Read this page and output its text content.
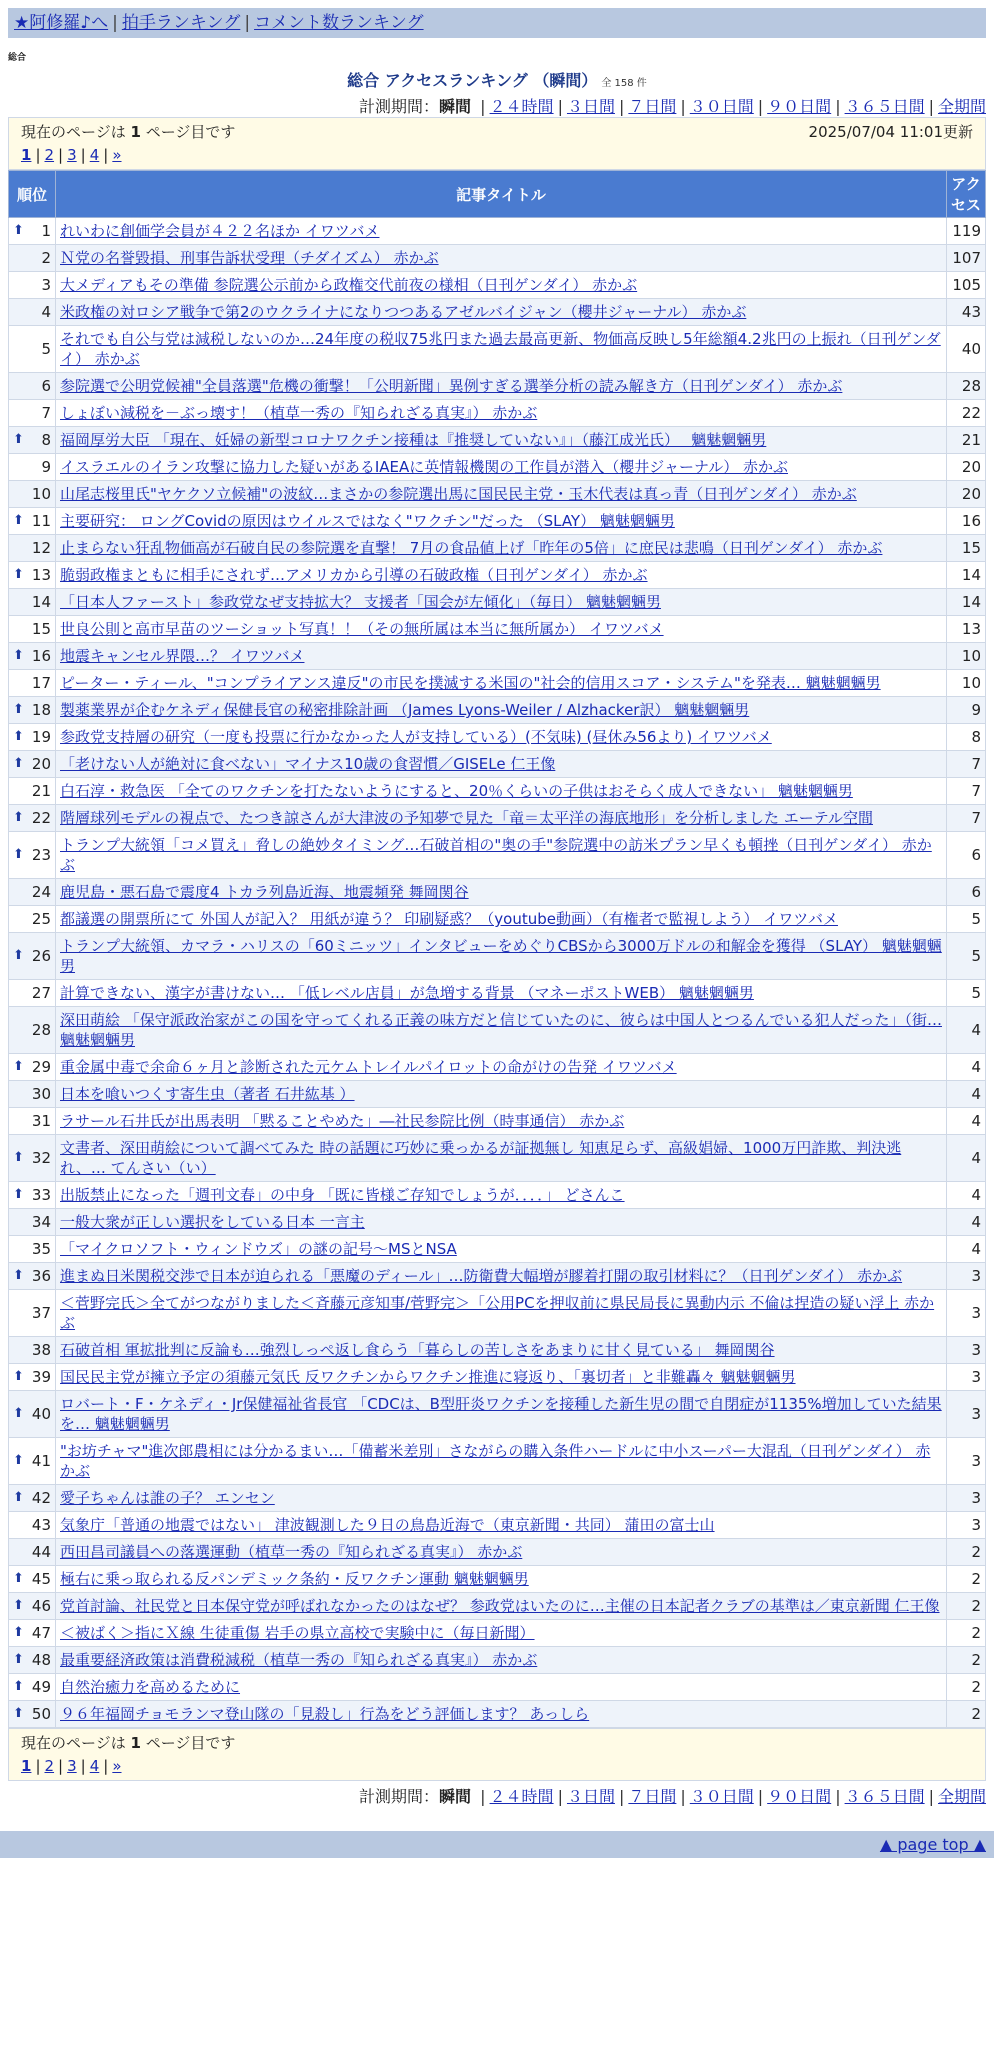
★阿修羅♪へ | 拍手ランキング | コメント数ランキング
総合
総合 アクセスランキング （瞬間） 全 158 件
計測期間：瞬間 | ２４時間 | ３日間 | ７日間 | ３０日間 | ９０日間 | ３６５日間 | 全期間
現在のページは 1 ページ目です	2025/07/04 11:01更新
1 | 2 | 3 | 4 | »
順位	記事タイトル	アクセス

⬆ 1	れいわに創価学会員が４２２名ほか イワツバメ	119
2	Ｎ党の名誉毀損、刑事告訴状受理（チダイズム） 赤かぶ	107
3	大メディアもその準備 参院選公示前から政権交代前夜の様相（日刊ゲンダイ） 赤かぶ	105
4	米政権の対ロシア戦争で第2のウクライナになりつつあるアゼルバイジャン（櫻井ジャーナル） 赤かぶ	43
5	それでも自公与党は減税しないのか…24年度の税収75兆円また過去最高更新、物価高反映し5年総額4.2兆円の上振れ（日刊ゲンダイ） 赤かぶ	40
6	参院選で公明党候補"全員落選"危機の衝撃！「公明新聞」異例すぎる選挙分析の読み解き方（日刊ゲンダイ） 赤かぶ	28
7	しょぼい減税を－ぶっ壊す！（植草一秀の『知られざる真実』） 赤かぶ	22

⬆ 8	福岡厚労大臣 「現在、妊婦の新型コロナワクチン接種は『推奨していない』」（藤江成光氏）　 魑魅魍魎男	21
9	イスラエルのイラン攻撃に協力した疑いがあるIAEAに英情報機関の工作員が潜入（櫻井ジャーナル） 赤かぶ	20
10	山尾志桜里氏"ヤケクソ立候補"の波紋…まさかの参院選出馬に国民民主党・玉木代表は真っ青（日刊ゲンダイ） 赤かぶ	20

⬆ 11	主要研究： ロングCovidの原因はウイルスではなく"ワクチン"だった （SLAY） 魑魅魍魎男	16
12	止まらない狂乱物価高が石破自民の参院選を直撃！ 7月の食品値上げ「昨年の5倍」に庶民は悲鳴（日刊ゲンダイ） 赤かぶ	15

⬆ 13	脆弱政権まともに相手にされず…アメリカから引導の石破政権（日刊ゲンダイ） 赤かぶ	14
14	「日本人ファースト」参政党なぜ支持拡大？ 支援者「国会が左傾化」（毎日） 魑魅魍魎男	14
15	世良公則と高市早苗のツーショット写真！！（その無所属は本当に無所属か） イワツバメ	13

⬆ 16	地震キャンセル界隈…？ イワツバメ	10
17	ピーター・ティール、"コンプライアンス違反"の市民を撲滅する米国の"社会的信用スコア・システム"を発表… 魑魅魍魎男	10

⬆ 18	製薬業界が企むケネディ保健長官の秘密排除計画 （James Lyons-Weiler / Alzhacker訳） 魑魅魍魎男	9

⬆ 19	参政党支持層の研究（一度も投票に行かなかった人が支持している）(不気味) (昼休み56より) イワツバメ	8

⬆ 20	「老けない人が絶対に食べない」マイナス10歳の食習慣／GISELe 仁王像	7
21	白石淳・救急医 「全てのワクチンを打たないようにすると、20％くらいの子供はおそらく成人できない」 魑魅魍魎男	7

⬆ 22	階層球列モデルの視点で、たつき諒さんが大津波の予知夢で見た「竜＝太平洋の海底地形」を分析しました エーテル空間	7

⬆ 23	トランプ大統領「コメ買え」脅しの絶妙タイミング…石破首相の"奥の手"参院選中の訪米プラン早くも頓挫（日刊ゲンダイ） 赤かぶ	6
24	鹿児島・悪石島で震度4 トカラ列島近海、地震頻発 舞岡関谷	6
25	都議選の開票所にて 外国人が記入？ 用紙が違う？ 印刷疑惑？（youtube動画）（有権者で監視しよう） イワツバメ	5

⬆ 26	トランプ大統領、カマラ・ハリスの「60ミニッツ」インタビューをめぐりCBSから3000万ドルの和解金を獲得 （SLAY） 魑魅魍魎男	5
27	計算できない、漢字が書けない… 「低レベル店員」が急増する背景 （マネーポストWEB） 魑魅魍魎男	5
28	深田萌絵 「保守派政治家がこの国を守ってくれる正義の味方だと信じていたのに、彼らは中国人とつるんでいる犯人だった」（街… 魑魅魍魎男	4

⬆ 29	重金属中毒で余命６ヶ月と診断された元ケムトレイルパイロットの命がけの告発 イワツバメ	4
30	日本を喰いつくす寄生虫（著者 石井紘基 ）	4
31	ラサール石井氏が出馬表明 「黙ることやめた」―社民参院比例（時事通信） 赤かぶ	4

⬆ 32	文書者、深田萌絵について調べてみた 時の話題に巧妙に乗っかるが証拠無し 知恵足らず、高級娼婦、1000万円詐欺、判決逃れ、… てんさい（い）	4

⬆ 33	出版禁止になった「週刊文春」の中身 「既に皆様ご存知でしょうが．．．．」 どさんこ	4
34	一般大衆が正しい選択をしている日本 一言主	4
35	「マイクロソフト・ウィンドウズ」の謎の記号～MSとNSA	4

⬆ 36	進まぬ日米関税交渉で日本が迫られる「悪魔のディール」…防衛費大幅増が膠着打開の取引材料に？（日刊ゲンダイ） 赤かぶ	3
37	＜菅野完氏＞全てがつながりました＜斉藤元彦知事/菅野完＞「公用PCを押収前に県民局長に異動内示 不倫は捏造の疑い浮上 赤かぶ	3
38	石破首相 軍拡批判に反論も…強烈しっぺ返し食らう「暮らしの苦しさをあまりに甘く見ている」 舞岡関谷	3

⬆ 39	国民民主党が擁立予定の須藤元気氏 反ワクチンからワクチン推進に寝返り、「裏切者」と非難轟々 魑魅魍魎男	3

⬆ 40	ロバート・F・ケネディ・Jr保健福祉省長官 「CDCは、B型肝炎ワクチンを接種した新生児の間で自閉症が1135%増加していた結果を… 魑魅魍魎男	3

⬆ 41	"お坊チャマ"進次郎農相には分かるまい…「備蓄米差別」さながらの購入条件ハードルに中小スーパー大混乱（日刊ゲンダイ） 赤かぶ	3

⬆ 42	愛子ちゃんは誰の子？ エンセン	3
43	気象庁「普通の地震ではない」 津波観測した９日の鳥島近海で（東京新聞・共同） 蒲田の富士山	3
44	西田昌司議員への落選運動（植草一秀の『知られざる真実』） 赤かぶ	2

⬆ 45	極右に乗っ取られる反パンデミック条約・反ワクチン運動 魑魅魍魎男	2

⬆ 46	党首討論、社民党と日本保守党が呼ばれなかったのはなぜ？ 参政党はいたのに…主催の日本記者クラブの基準は／東京新聞 仁王像	2

⬆ 47	＜被ばく＞指にＸ線 生徒重傷 岩手の県立高校で実験中に（毎日新聞）	2

⬆ 48	最重要経済政策は消費税減税（植草一秀の『知られざる真実』） 赤かぶ	2

⬆ 49	自然治癒力を高めるために	2

⬆ 50	９６年福岡チョモランマ登山隊の「見殺し」行為をどう評価します？ あっしら	2
現在のページは 1 ページ目です
1 | 2 | 3 | 4 | »
計測期間：瞬間 | ２４時間 | ３日間 | ７日間 | ３０日間 | ９０日間 | ３６５日間 | 全期間
▲ page top ▲
